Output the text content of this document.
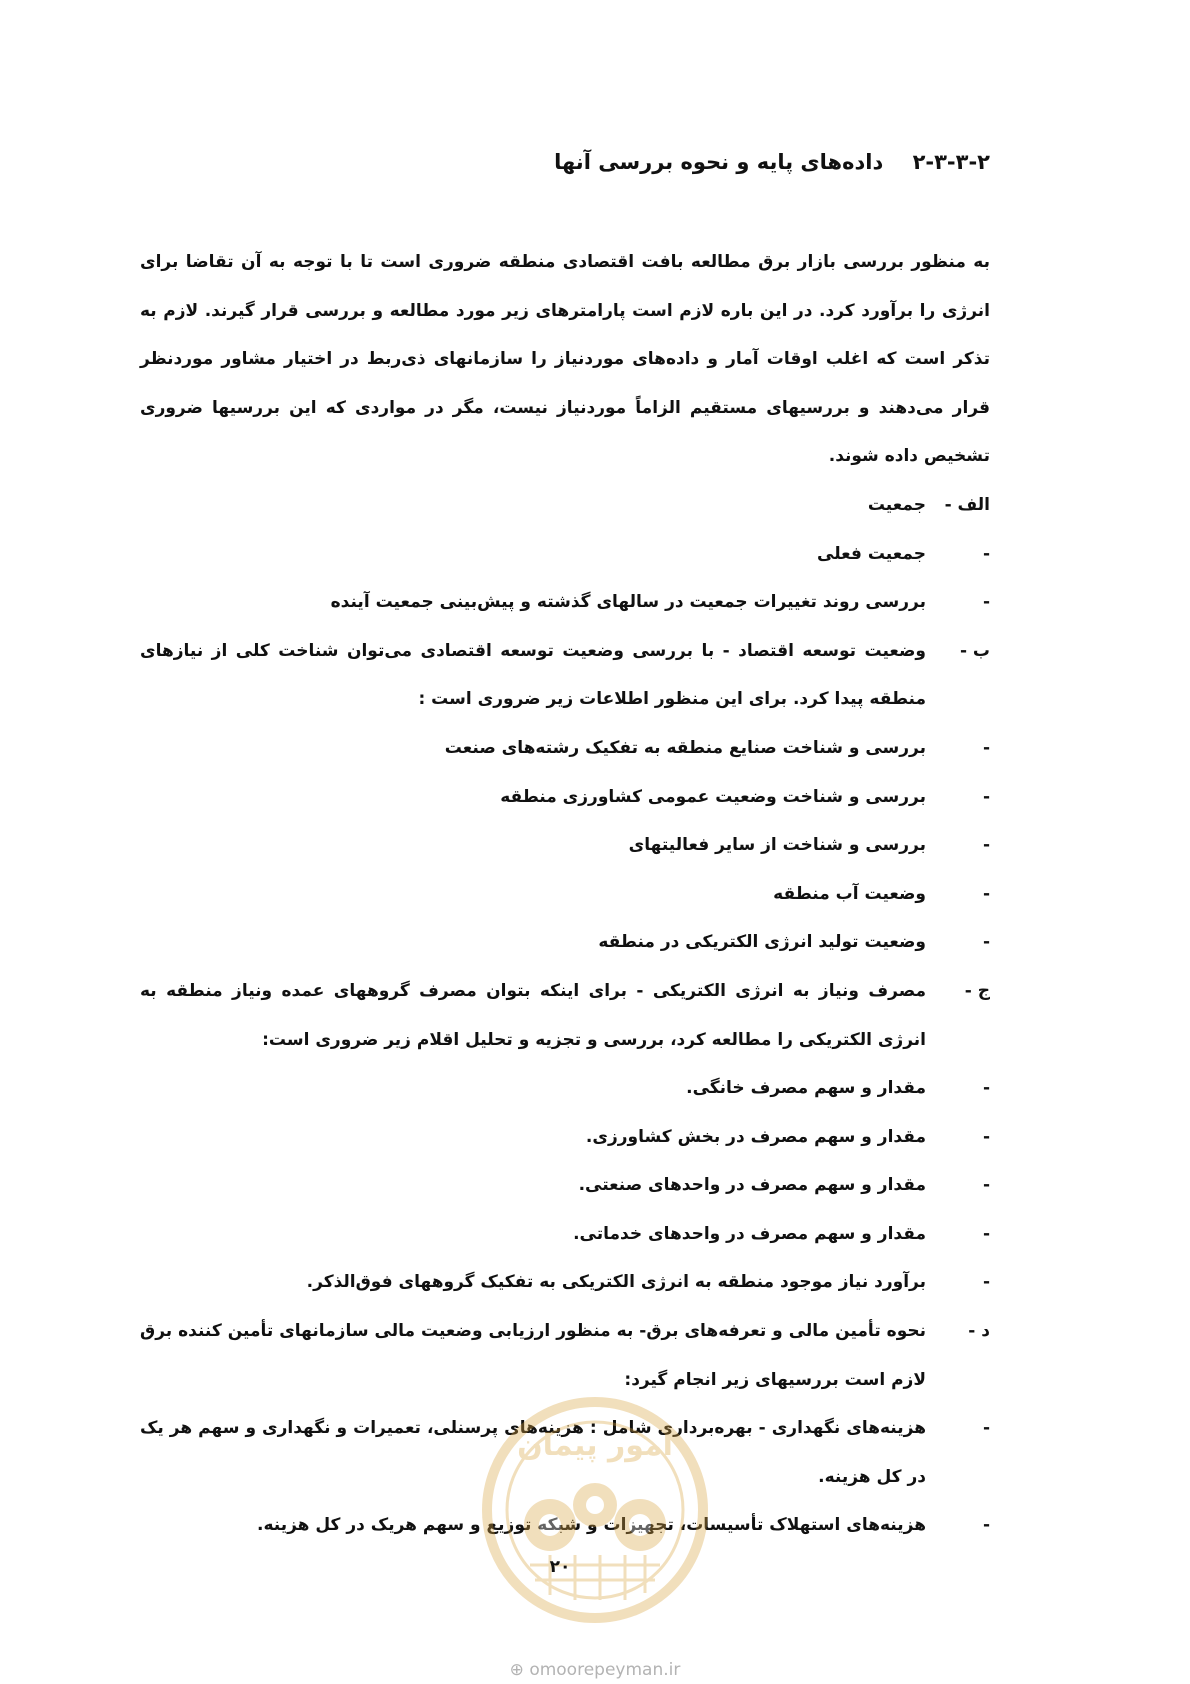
۲-۳-۳-۲ داده‌های پایه و نحوه بررسی آنها

به منظور بررسی بازار برق مطالعه بافت اقتصادی منطقه ضروری است تا با توجه به آن تقاضا برای انرژی را برآورد کرد. در این باره لازم است پارامترهای زیر مورد مطالعه و بررسی قرار گیرند. لازم به تذکر است که اغلب اوقات آمار و داده‌های موردنیاز را سازمانهای ذی‌ربط در اختیار مشاور موردنظر قرار می‌دهند و بررسیهای مستقیم الزاماً موردنیاز نیست، مگر در مواردی که این بررسیها ضروری تشخیص داده شوند.

الف -
جمعیت
-
جمعیت فعلی
-
بررسی روند تغییرات جمعیت در سالهای گذشته و پیش‌بینی جمعیت آینده
ب -
وضعیت توسعه اقتصاد - با بررسی وضعیت توسعه اقتصادی می‌توان شناخت کلی از نیازهای منطقه پیدا کرد. برای این منظور اطلاعات زیر ضروری است :
-
بررسی و شناخت صنایع منطقه به تفکیک رشته‌های صنعت
-
بررسی و شناخت وضعیت عمومی کشاورزی منطقه
-
بررسی و شناخت از سایر فعالیتهای
-
وضعیت آب منطقه
-
وضعیت تولید انرژی الکتریکی در منطقه
ج -
مصرف ونیاز به انرژی الکتریکی - برای اینکه بتوان مصرف گروههای عمده ونیاز منطقه به انرژی الکتریکی را مطالعه کرد، بررسی و تجزیه و تحلیل اقلام زیر ضروری است:
-
مقدار و سهم مصرف خانگی.
-
مقدار و سهم مصرف در بخش کشاورزی.
-
مقدار و سهم مصرف در واحدهای صنعتی.
-
مقدار و سهم مصرف در واحدهای خدماتی.
-
برآورد نیاز موجود منطقه به انرژی الکتریکی به تفکیک گروههای فوق‌الذکر.
د -
نحوه تأمین مالی و تعرفه‌های برق- به منظور ارزیابی وضعیت مالی سازمانهای تأمین کننده برق لازم است بررسیهای زیر انجام گیرد:
-
هزینه‌های نگهداری - بهره‌برداری شامل : هزینه‌های پرسنلی، تعمیرات و نگهداری و سهم هر یک در کل هزینه.
-
هزینه‌های استهلاک تأسیسات، تجهیزات و شبکه توزیع و سهم هریک در کل هزینه.
امور پیمان
۲۰
⊕ omoorepeyman.ir
